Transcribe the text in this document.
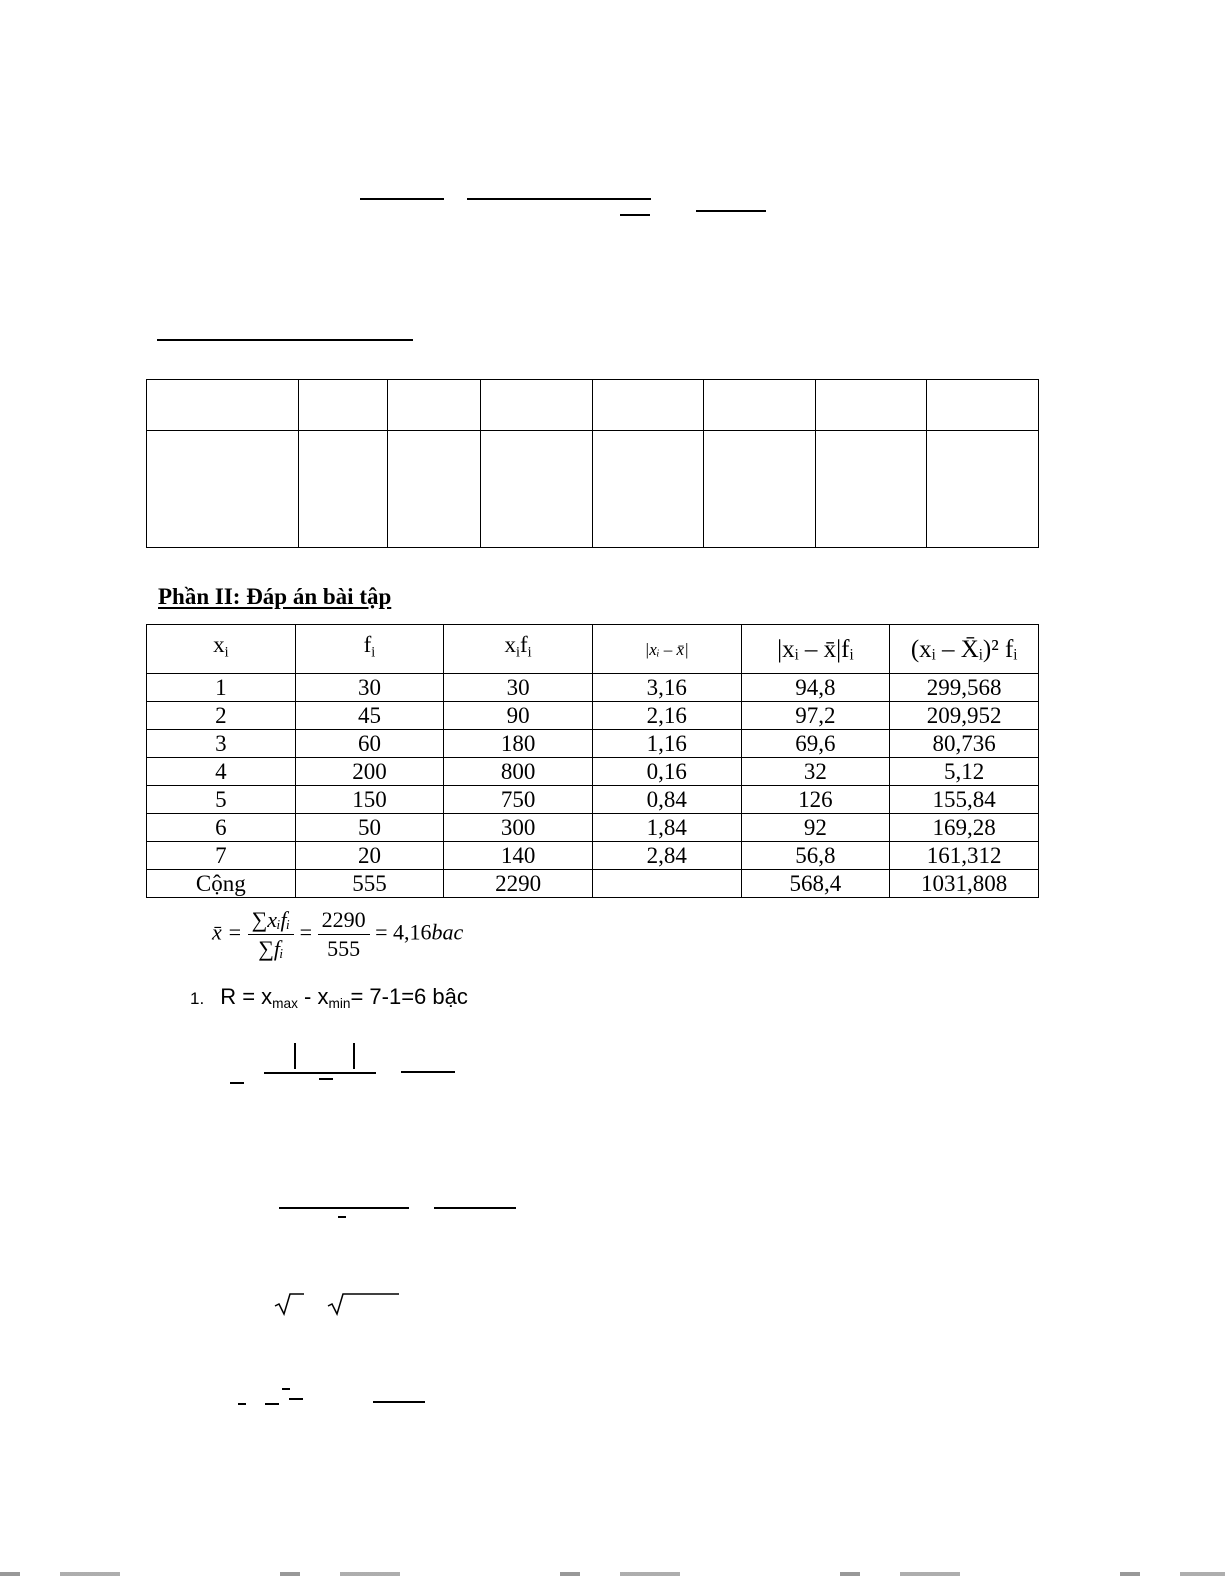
Phần II: Đáp án bài tập
$x_i$	$f_i$	$x_if_i$	|xᵢ – x̄|	|xᵢ – x̄|fᵢ	(xᵢ – X̄ᵢ)² fᵢ
1	30	30	3,16	94,8	299,568
2	45	90	2,16	97,2	209,952
3	60	180	1,16	69,6	80,736
4	200	800	0,16	32	5,12
5	150	750	0,84	126	155,84
6	50	300	1,84	92	169,28
7	20	140	2,84	56,8	161,312
Cộng	555	2290		568,4	1031,808
x̄ = $\frac{\text{∑xᵢfᵢ}}{\text{∑fᵢ}} = \frac{2290}{555} = 4,16bac$
1. $R = x_{max} - x_{min}= 7-1=6$ bậc
